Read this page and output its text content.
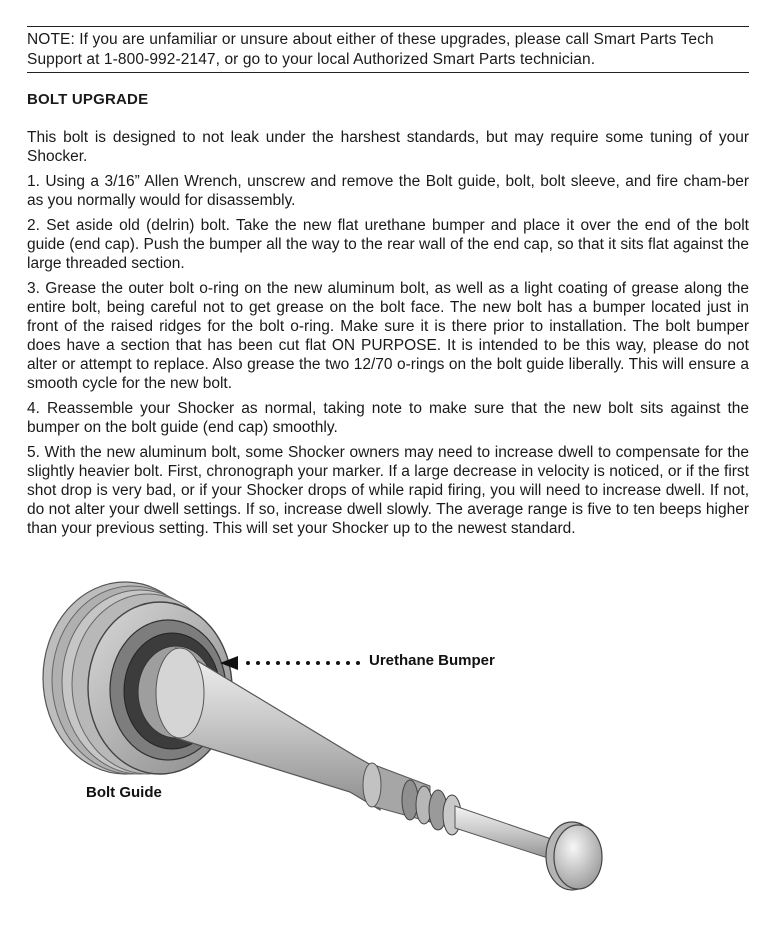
NOTE: If you are unfamiliar or unsure about either of these upgrades, please call Smart Parts Tech Support at 1-800-992-2147, or go to your local Authorized Smart Parts technician.
BOLT UPGRADE

This bolt is designed to not leak under the harshest standards, but may require some tuning of your Shocker.

1. Using a 3/16” Allen Wrench, unscrew and remove the Bolt guide, bolt, bolt sleeve, and fire cham-ber as you normally would for disassembly.

2. Set aside old (delrin) bolt. Take the new flat urethane bumper and place it over the end of the bolt guide (end cap). Push the bumper all the way to the rear wall of the end cap, so that it sits flat against the large threaded section.

3. Grease the outer bolt o-ring on the new aluminum bolt, as well as a light coating of grease along the entire bolt, being careful not to get grease on the bolt face. The new bolt has a bumper located just in front of the raised ridges for the bolt o-ring. Make sure it is there prior to installation. The bolt bumper does have a section that has been cut flat ON PURPOSE. It is intended to be this way, please do not alter or attempt to replace. Also grease the two 12/70 o-rings on the bolt guide liberally. This will ensure a smooth cycle for the new bolt.

4. Reassemble your Shocker as normal, taking note to make sure that the new bolt sits against the bumper on the bolt guide (end cap) smoothly.

5. With the new aluminum bolt, some Shocker owners may need to increase dwell to compensate for the slightly heavier bolt. First, chronograph your marker. If a large decrease in velocity is noticed, or if the first shot drop is very bad, or if your Shocker drops of while rapid firing, you will need to increase dwell. If not, do not alter your dwell settings. If so, increase dwell slowly. The average range is five to ten beeps higher than your previous setting. This will set your Shocker up to the newest standard.

Urethane Bumper
Bolt Guide
